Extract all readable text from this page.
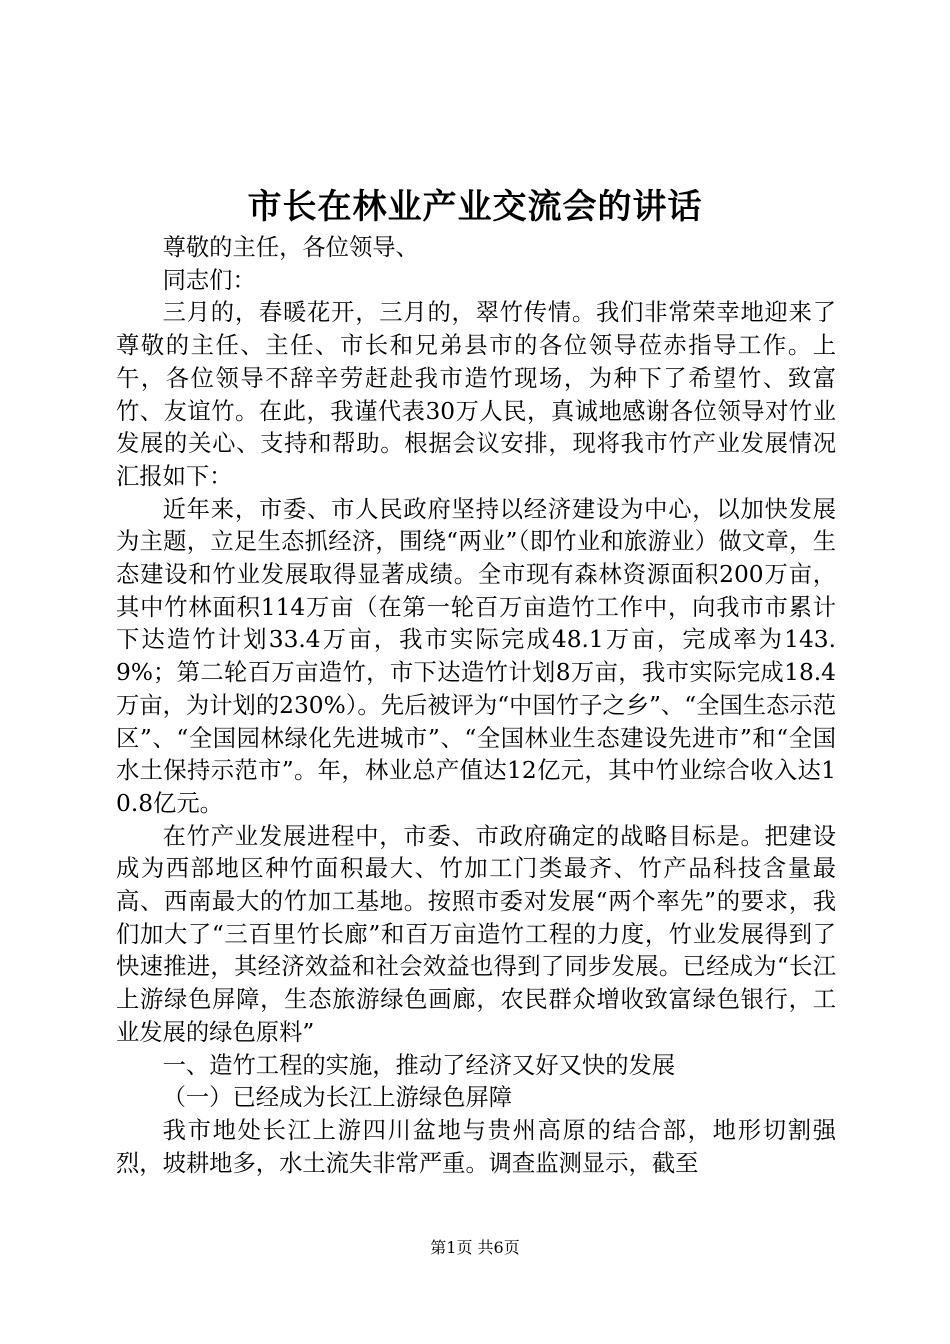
市长在林业产业交流会的讲话

尊敬的主任，各位领导、

同志们：

三月的，春暖花开，三月的，翠竹传情。我们非常荣幸地迎来了尊敬的主任、主任、市长和兄弟县市的各位领导莅赤指导工作。上午，各位领导不辞辛劳赶赴我市造竹现场，为种下了希望竹、致富竹、友谊竹。在此，我谨代表30万人民，真诚地感谢各位领导对竹业发展的关心、支持和帮助。根据会议安排，现将我市竹产业发展情况汇报如下：

近年来，市委、市人民政府坚持以经济建设为中心，以加快发展为主题，立足生态抓经济，围绕“两业”（即竹业和旅游业）做文章，生态建设和竹业发展取得显著成绩。全市现有森林资源面积200万亩，其中竹林面积114万亩（在第一轮百万亩造竹工作中，向我市市累计下达造竹计划33.4万亩，我市实际完成48.1万亩，完成率为143.9%；第二轮百万亩造竹，市下达造竹计划8万亩，我市实际完成18.4万亩，为计划的230%）。先后被评为“中国竹子之乡”、“全国生态示范区”、“全国园林绿化先进城市”、“全国林业生态建设先进市”和“全国水土保持示范市”。年，林业总产值达12亿元，其中竹业综合收入达10.8亿元。

在竹产业发展进程中，市委、市政府确定的战略目标是。把建设成为西部地区种竹面积最大、竹加工门类最齐、竹产品科技含量最高、西南最大的竹加工基地。按照市委对发展“两个率先”的要求，我们加大了“三百里竹长廊”和百万亩造竹工程的力度，竹业发展得到了快速推进，其经济效益和社会效益也得到了同步发展。已经成为“长江上游绿色屏障，生态旅游绿色画廊，农民群众增收致富绿色银行，工业发展的绿色原料”

一、造竹工程的实施，推动了经济又好又快的发展

（一）已经成为长江上游绿色屏障

我市地处长江上游四川盆地与贵州高原的结合部，地形切割强烈，坡耕地多，水土流失非常严重。调查监测显示，截至

第1页 共6页
